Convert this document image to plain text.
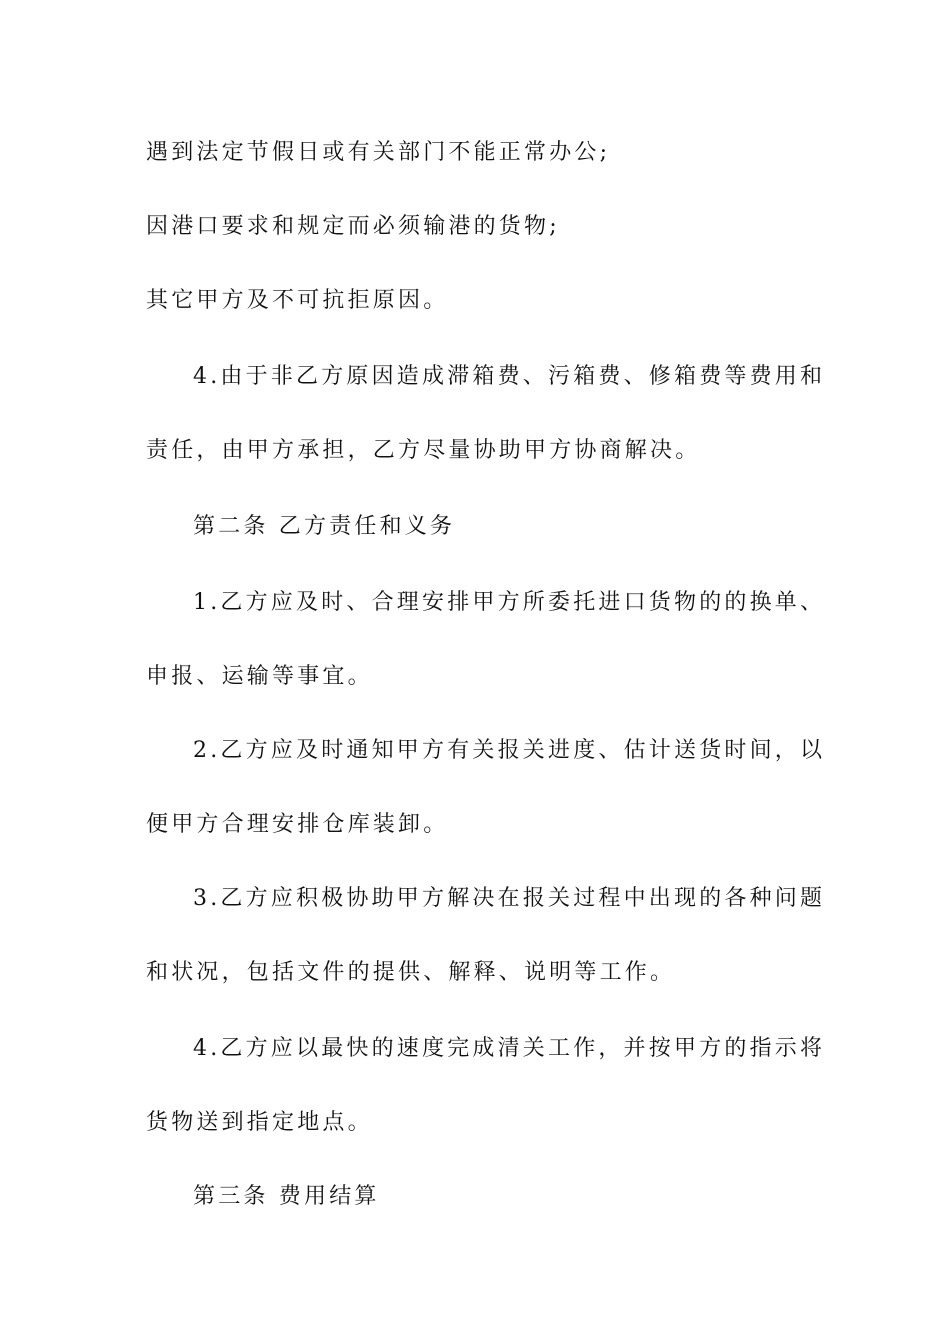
遇到法定节假日或有关部门不能正常办公;
因港口要求和规定而必须输港的货物;
其它甲方及不可抗拒原因。
4.由于非乙方原因造成滞箱费、污箱费、修箱费等费用和
责任，由甲方承担，乙方尽量协助甲方协商解决。
第二条 乙方责任和义务
1.乙方应及时、合理安排甲方所委托进口货物的的换单、
申报、运输等事宜。
2.乙方应及时通知甲方有关报关进度、估计送货时间，以
便甲方合理安排仓库装卸。
3.乙方应积极协助甲方解决在报关过程中出现的各种问题
和状况，包括文件的提供、解释、说明等工作。
4.乙方应以最快的速度完成清关工作，并按甲方的指示将
货物送到指定地点。
第三条 费用结算
